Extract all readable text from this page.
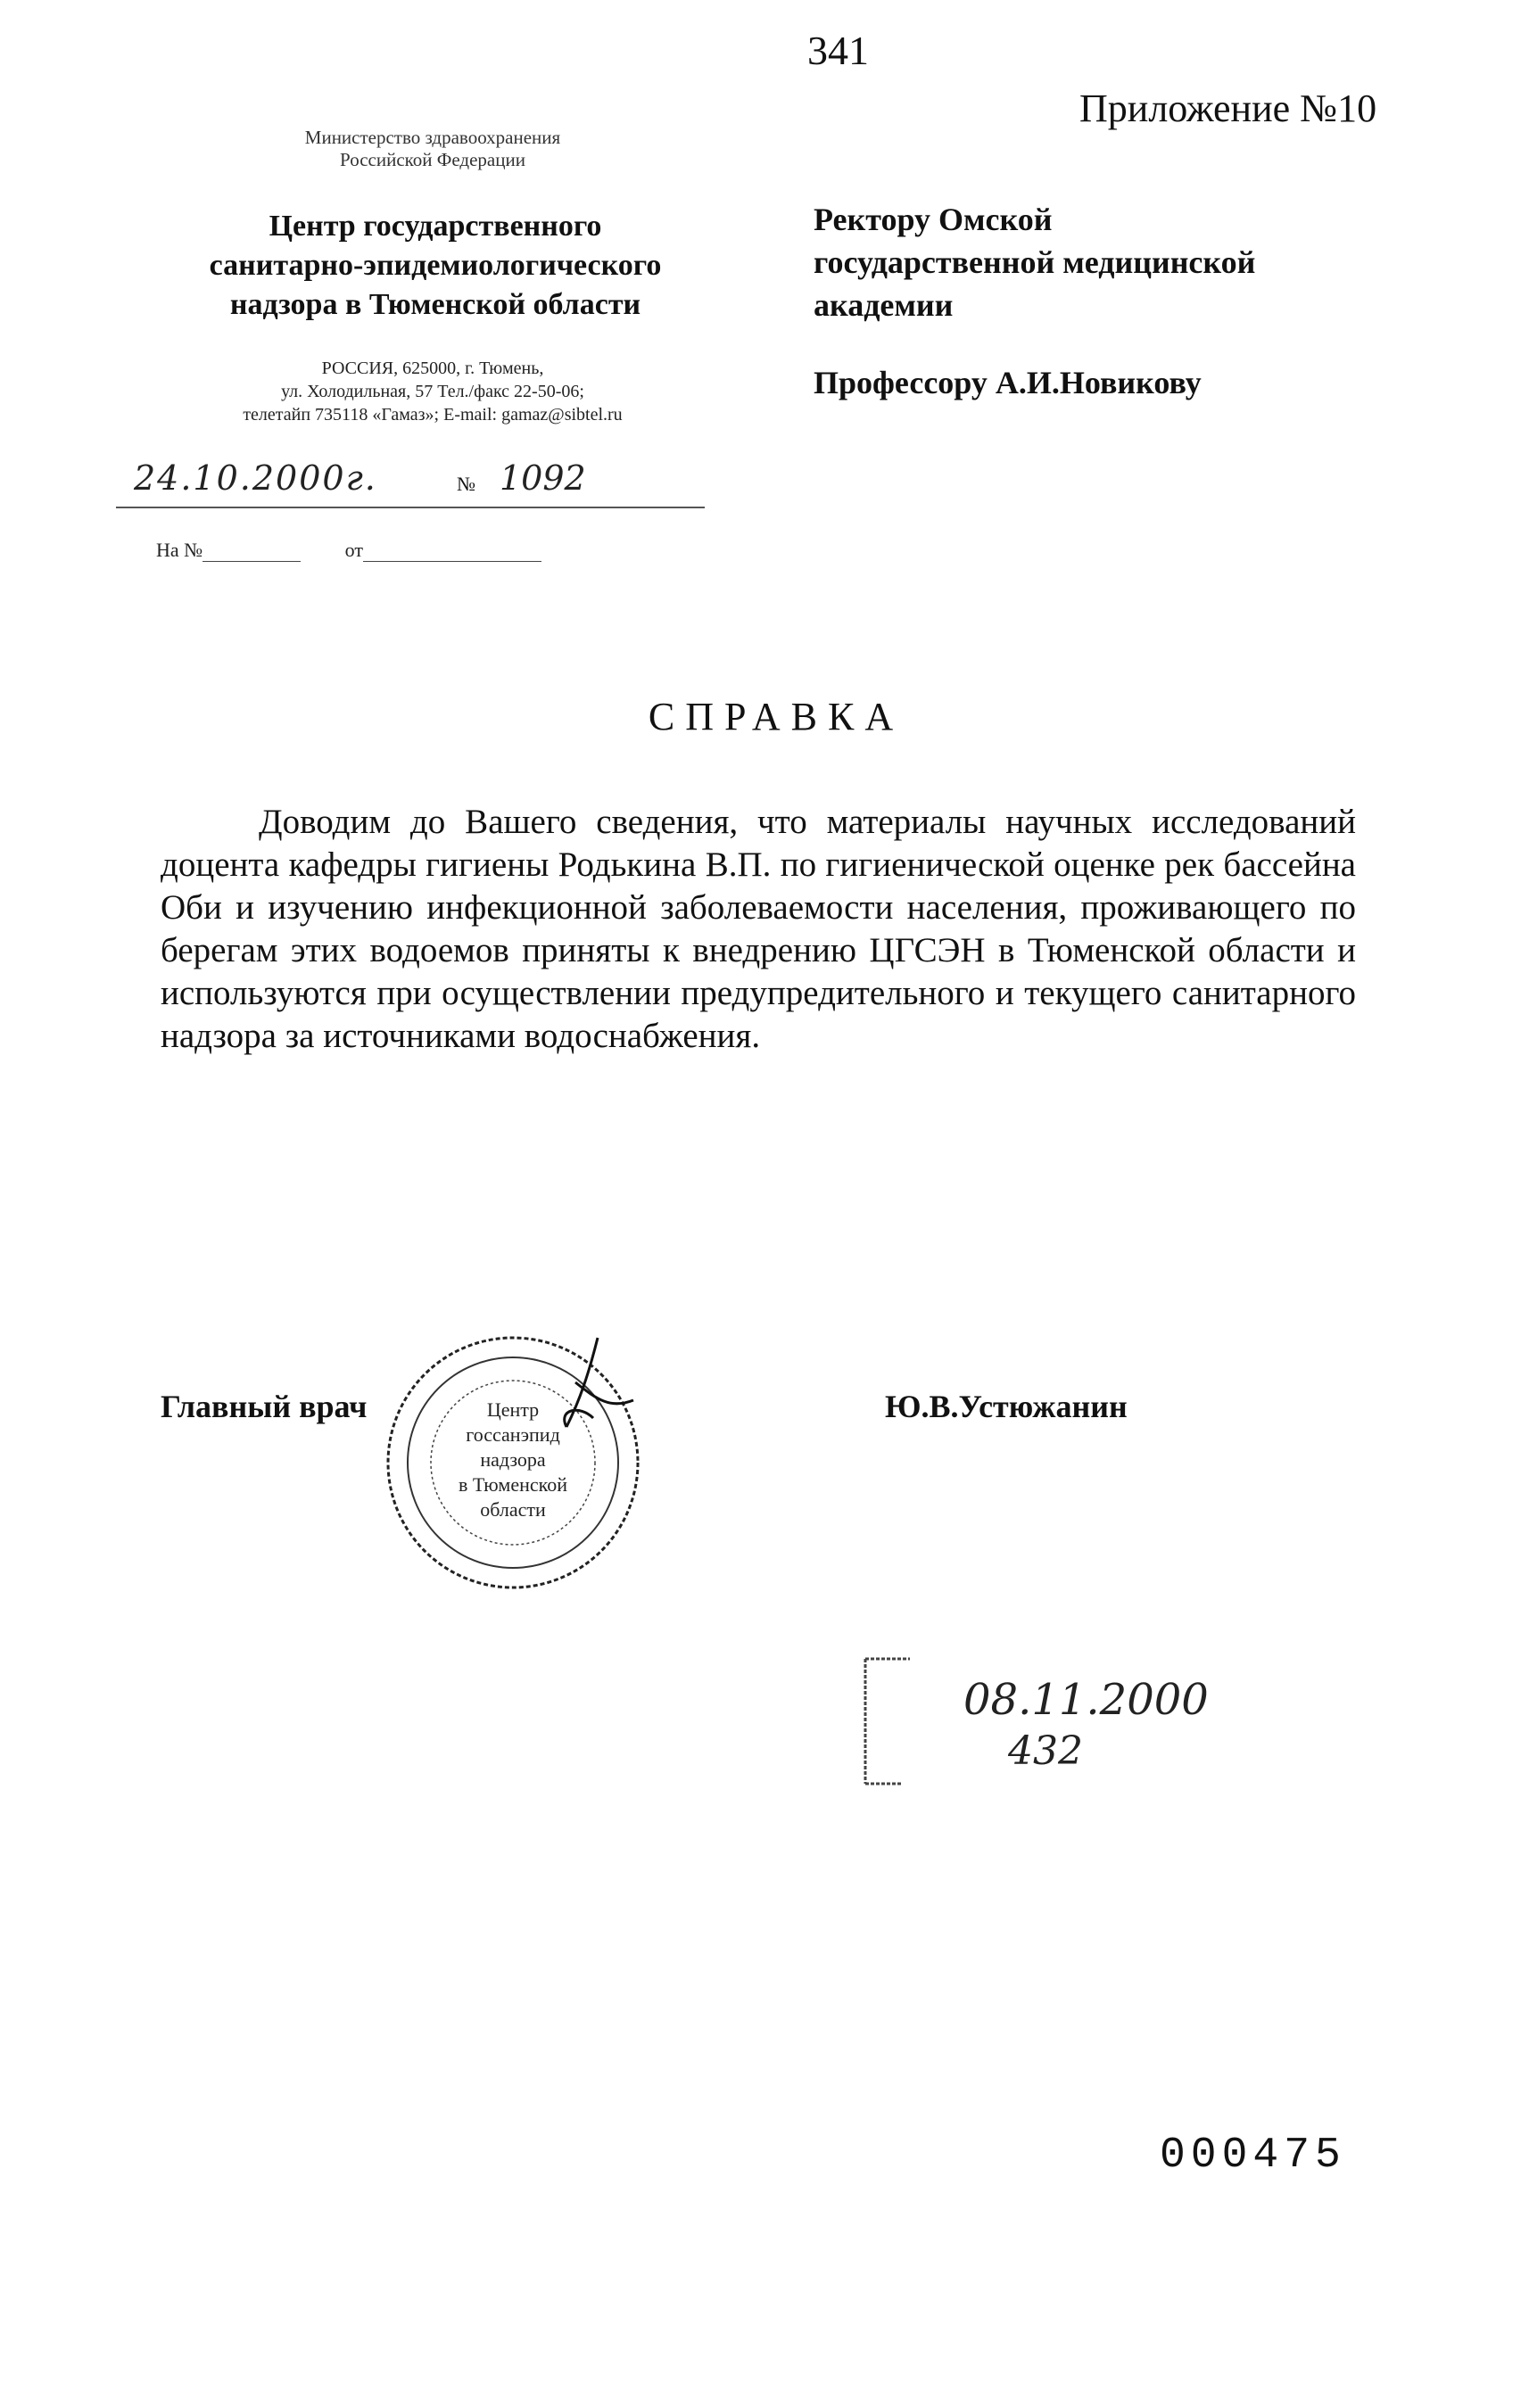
341
Приложение №10
Министерство здравоохранения
Российской Федерации
Центр государственного
санитарно-эпидемиологического
надзора в Тюменской области
РОССИЯ, 625000, г. Тюмень,
ул. Холодильная, 57 Тел./факс 22-50-06;
телетайп 735118 «Гамаз»; E-mail: gamaz@sibtel.ru
24.10.2000г.	№ 1092
На №	от
Ректору Омской
государственной медицинской
академии
Профессору А.И.Новикову
СПРАВКА
Доводим до Вашего сведения, что материалы научных исследований доцента кафедры гигиены Родькина В.П. по гигиенической оценке рек бассейна Оби и изучению инфекционной заболеваемости населения, проживающего по берегам этих водоемов приняты к внедрению ЦГСЭН в Тюменской области и используются при осуществлении предупредительного и текущего санитарного надзора за источниками водоснабжения.
Главный врач	Ю.В.Устюжанин
Центр
госсанэпид
надзора
в Тюменской
области
08.11.2000
432
000475
